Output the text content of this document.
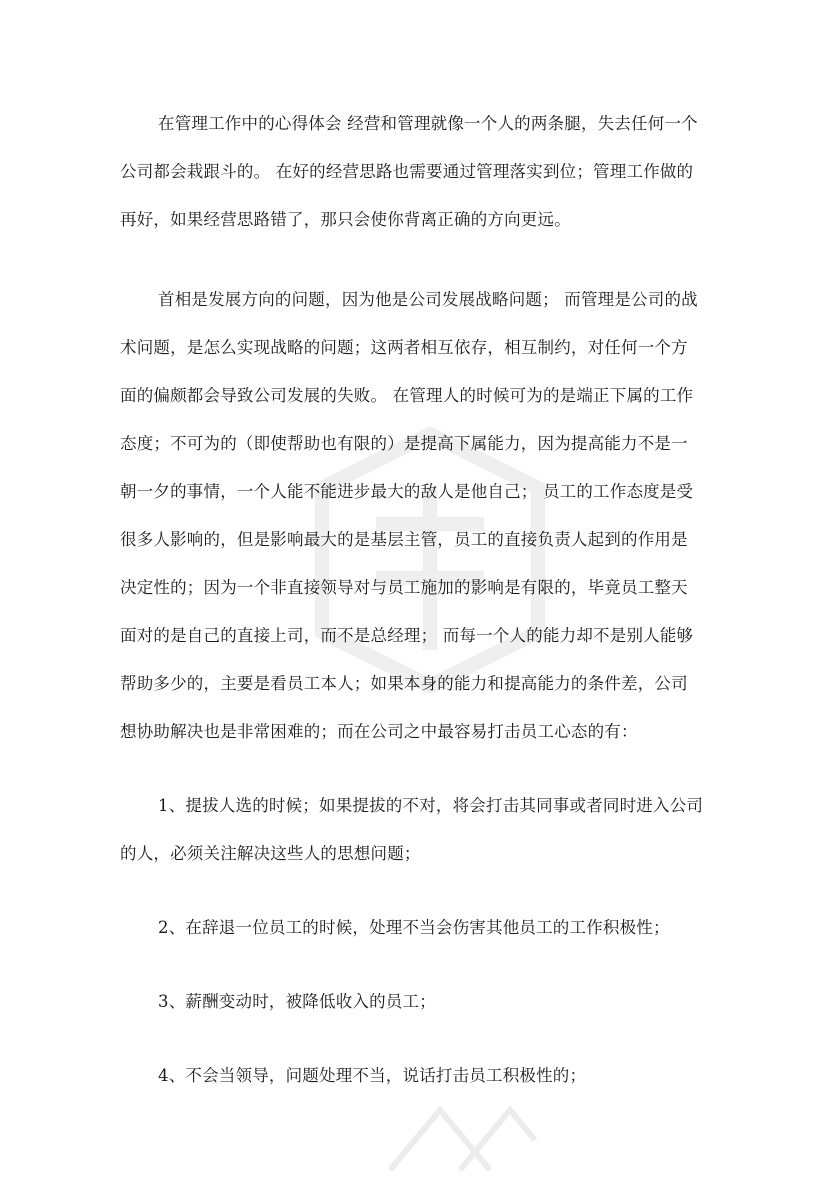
在管理工作中的心得体会 经营和管理就像一个人的两条腿，失去任何一个
公司都会栽跟斗的。 在好的经营思路也需要通过管理落实到位；管理工作做的
再好，如果经营思路错了，那只会使你背离正确的方向更远。

首相是发展方向的问题，因为他是公司发展战略问题； 而管理是公司的战
术问题，是怎么实现战略的问题；这两者相互依存，相互制约，对任何一个方
面的偏颇都会导致公司发展的失败。 在管理人的时候可为的是端正下属的工作
态度；不可为的（即使帮助也有限的）是提高下属能力，因为提高能力不是一
朝一夕的事情，一个人能不能进步最大的敌人是他自己； 员工的工作态度是受
很多人影响的，但是影响最大的是基层主管，员工的直接负责人起到的作用是
决定性的；因为一个非直接领导对与员工施加的影响是有限的，毕竟员工整天
面对的是自己的直接上司，而不是总经理； 而每一个人的能力却不是别人能够
帮助多少的，主要是看员工本人；如果本身的能力和提高能力的条件差，公司
想协助解决也是非常困难的；而在公司之中最容易打击员工心态的有：

1、提拔人选的时候；如果提拔的不对，将会打击其同事或者同时进入公司
的人，必须关注解决这些人的思想问题；

2、在辞退一位员工的时候，处理不当会伤害其他员工的工作积极性；

3、薪酬变动时，被降低收入的员工；

4、不会当领导，问题处理不当，说话打击员工积极性的；
